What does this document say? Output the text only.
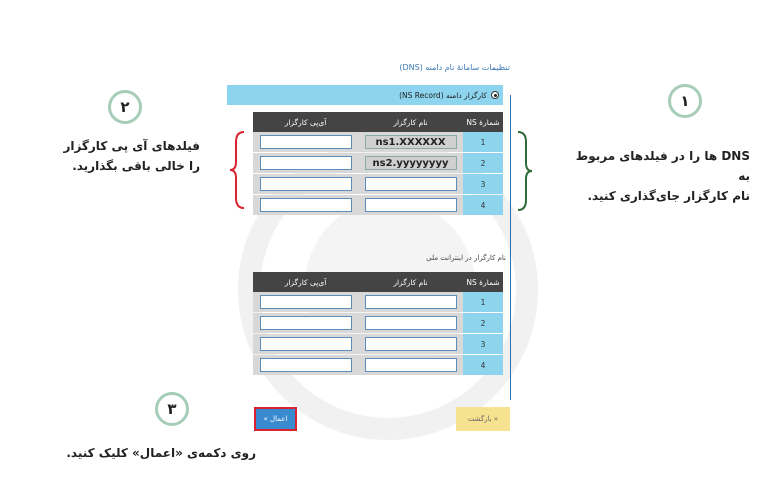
تنظیمات سامانهٔ نام دامنه (DNS)
کارگزار دامنه (NS Record)
شمارهٔ NS
نام کارگزار
آی‌پی کارگزار
1
ns1.XXXXXX
2
ns2.yyyyyyyy
3
4
نام کارگزار در اینترانت ملی
شمارهٔ NS
نام کارگزار
آی‌پی کارگزار
1
2
3
4
« بازگشت
اعمال »
۱
DNS ها را در فیلدهای مربوط به
نام کارگزار جای‌گذاری کنید.
۲
فیلدهای آی پی کارگزار
را خالی باقی بگذارید.
۳
روی دکمه‌ی «اعمال» کلیک کنید.
